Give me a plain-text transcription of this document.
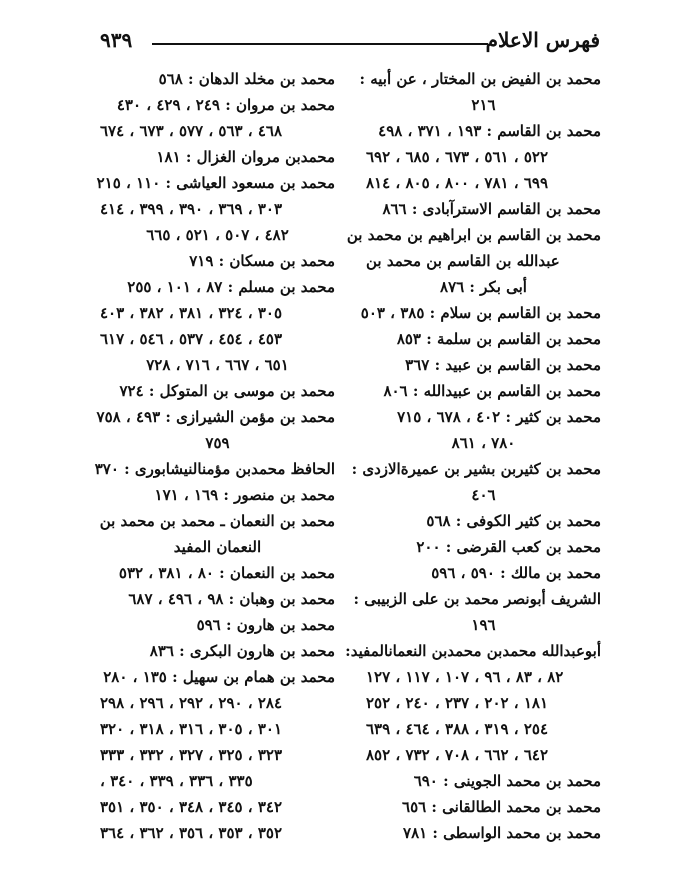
٩٣٩	فهرس الاعلام
محمد بن الفيض بن المختار ، عن أبيه :
٢١٦
محمد بن القاسم : ١٩٣ ، ٣٧١ ، ٤٩٨
٥٢٢ ، ٥٦١ ، ٦٧٣ ، ٦٨٥ ، ٦٩٢
٦٩٩ ، ٧٨١ ، ٨٠٠ ، ٨٠٥ ، ٨١٤
محمد بن القاسم الاسترآبادى : ٨٦٦
محمد بن القاسم بن ابراهيم بن محمد بن
عبدالله بن القاسم بن محمد بن
أبى بكر : ٨٧٦
محمد بن القاسم بن سلام : ٣٨٥ ، ٥٠٣
محمد بن القاسم بن سلمة : ٨٥٣
محمد بن القاسم بن عبيد : ٣٦٧
محمد بن القاسم بن عبيدالله : ٨٠٦
محمد بن كثير : ٤٠٢ ، ٦٧٨ ، ٧١٥
٧٨٠ ، ٨٦١
محمد بن كثيربن بشير بن عميرةالازدى :
٤٠٦
محمد بن كثير الكوفى : ٥٦٨
محمد بن كعب القرضى : ٢٠٠
محمد بن مالك : ٥٩٠ ، ٥٩٦
الشريف أبونصر محمد بن على الزبيبى :
١٩٦
أبوعبدالله محمدبن محمدبن النعمانالمفيد:
٨٢ ، ٨٣ ، ٩٦ ، ١٠٧ ، ١١٧ ، ١٢٧
١٨١ ، ٢٠٢ ، ٢٣٧ ، ٢٤٠ ، ٢٥٢
٢٥٤ ، ٣١٩ ، ٣٨٨ ، ٤٦٤ ، ٦٣٩
٦٤٢ ، ٦٦٢ ، ٧٠٨ ، ٧٣٢ ، ٨٥٢
محمد بن محمد الجوينى : ٦٩٠
محمد بن محمد الطالقانى : ٦٥٦
محمد بن محمد الواسطى : ٧٨١
محمد بن مخلد الدهان : ٥٦٨
محمد بن مروان : ٢٤٩ ، ٤٢٩ ، ٤٣٠
٤٦٨ ، ٥٦٣ ، ٥٧٧ ، ٦٧٣ ، ٦٧٤
محمدبن مروان الغزال : ١٨١
محمد بن مسعود العياشى : ١١٠ ، ٢١٥
٣٠٣ ، ٣٦٩ ، ٣٩٠ ، ٣٩٩ ، ٤١٤
٤٨٢ ، ٥٠٧ ، ٥٢١ ، ٦٦٥
محمد بن مسكان : ٧١٩
محمد بن مسلم : ٨٧ ، ١٠١ ، ٢٥٥
٣٠٥ ، ٣٢٤ ، ٣٨١ ، ٣٨٢ ، ٤٠٣
٤٥٣ ، ٤٥٤ ، ٥٣٧ ، ٥٤٦ ، ٦١٧
٦٥١ ، ٦٦٧ ، ٧١٦ ، ٧٢٨
محمد بن موسى بن المتوكل : ٧٢٤
محمد بن مؤمن الشيرازى : ٤٩٣ ، ٧٥٨
٧٥٩
الحافظ محمدبن مؤمنالنيشابورى : ٣٧٠
محمد بن منصور : ١٦٩ ، ١٧١
محمد بن النعمان ـ محمد بن محمد بن
النعمان المفيد
محمد بن النعمان : ٨٠ ، ٣٨١ ، ٥٣٢
محمد بن وهبان : ٩٨ ، ٤٩٦ ، ٦٨٧
محمد بن هارون : ٥٩٦
محمد بن هارون البكرى : ٨٣٦
محمد بن همام بن سهيل : ١٣٥ ، ٢٨٠
٢٨٤ ، ٢٩٠ ، ٢٩٢ ، ٢٩٦ ، ٢٩٨
٣٠١ ، ٣٠٥ ، ٣١٦ ، ٣١٨ ، ٣٢٠
٣٢٣ ، ٣٢٥ ، ٣٢٧ ، ٣٣٢ ، ٣٣٣
٣٣٥ ، ٣٣٦ ، ٣٣٩ ، ٣٤٠ ،
٣٤٢ ، ٣٤٥ ، ٣٤٨ ، ٣٥٠ ، ٣٥١
٣٥٢ ، ٣٥٣ ، ٣٥٦ ، ٣٦٢ ، ٣٦٤
